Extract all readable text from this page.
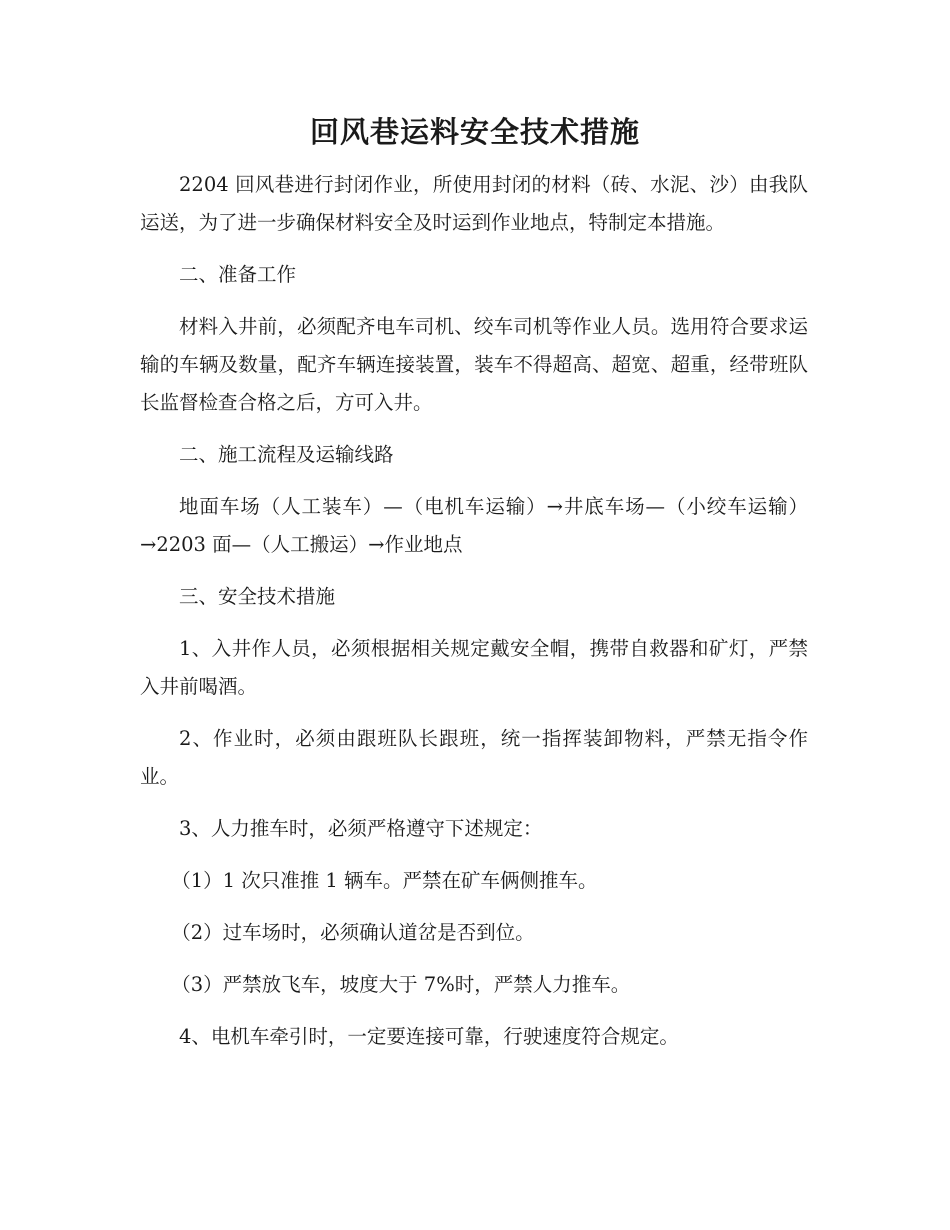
回风巷运料安全技术措施

2204 回风巷进行封闭作业，所使用封闭的材料（砖、水泥、沙）由我队运送，为了进一步确保材料安全及时运到作业地点，特制定本措施。

二、准备工作

材料入井前，必须配齐电车司机、绞车司机等作业人员。选用符合要求运输的车辆及数量，配齐车辆连接装置，装车不得超高、超宽、超重，经带班队长监督检查合格之后，方可入井。

二、施工流程及运输线路

地面车场（人工装车）—（电机车运输）→井底车场—（小绞车运输）→2203 面—（人工搬运）→作业地点

三、安全技术措施

1、入井作人员，必须根据相关规定戴安全帽，携带自救器和矿灯，严禁入井前喝酒。

2、作业时，必须由跟班队长跟班，统一指挥装卸物料，严禁无指令作业。

3、人力推车时，必须严格遵守下述规定：

（1）1 次只准推 1 辆车。严禁在矿车俩侧推车。

（2）过车场时，必须确认道岔是否到位。

（3）严禁放飞车，坡度大于 7%时，严禁人力推车。

4、电机车牵引时，一定要连接可靠，行驶速度符合规定。
